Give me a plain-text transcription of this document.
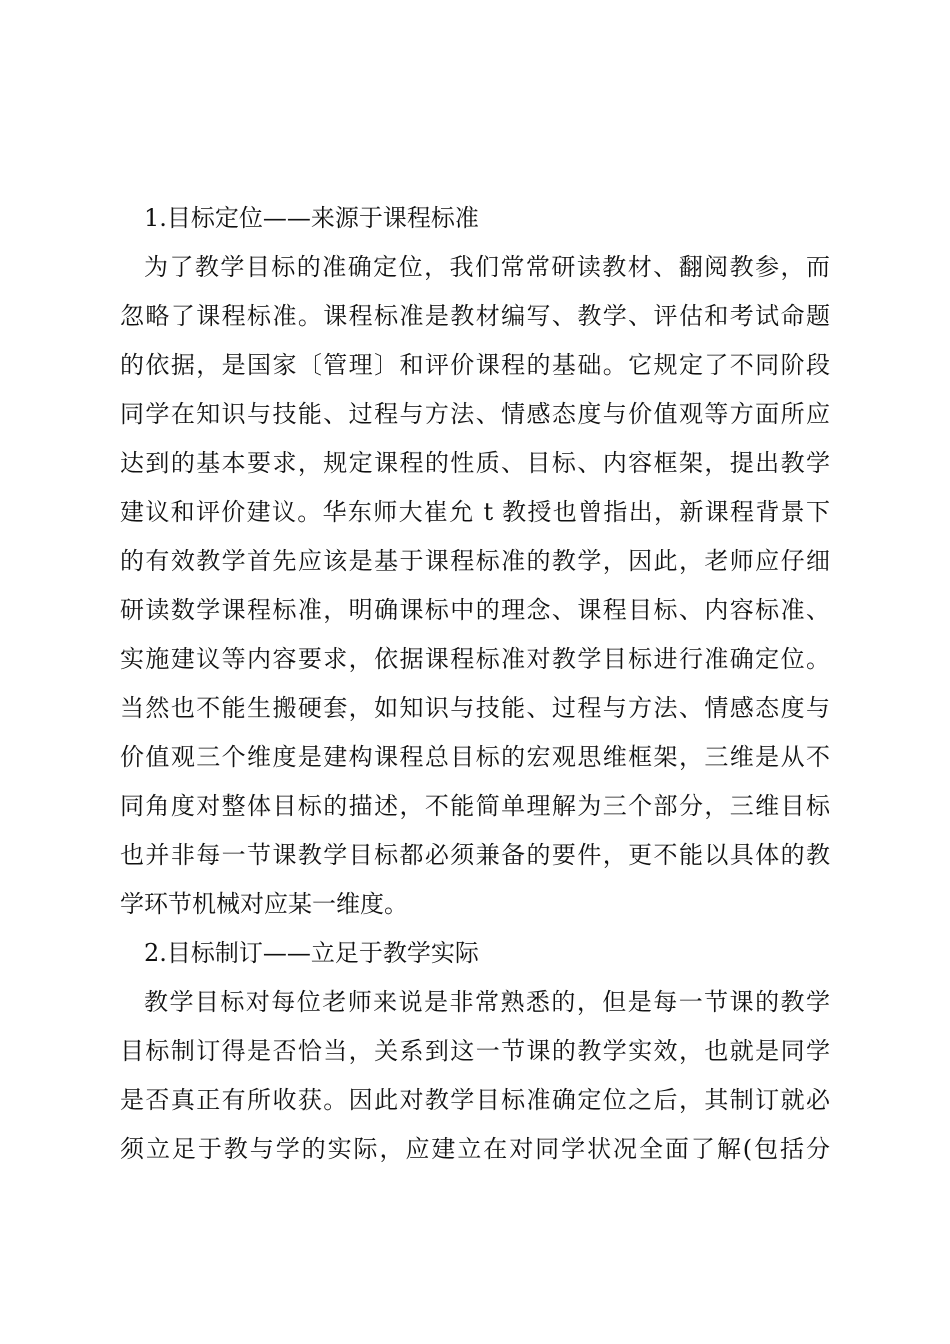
1.目标定位——来源于课程标准
为了教学目标的准确定位，我们常常研读教材、翻阅教参，而
忽略了课程标准。课程标准是教材编写、教学、评估和考试命题
的依据，是国家〔管理〕和评价课程的基础。它规定了不同阶段
同学在知识与技能、过程与方法、情感态度与价值观等方面所应
达到的基本要求，规定课程的性质、目标、内容框架，提出教学
建议和评价建议。华东师大崔允 t 教授也曾指出，新课程背景下
的有效教学首先应该是基于课程标准的教学，因此，老师应仔细
研读数学课程标准，明确课标中的理念、课程目标、内容标准、
实施建议等内容要求，依据课程标准对教学目标进行准确定位。
当然也不能生搬硬套，如知识与技能、过程与方法、情感态度与
价值观三个维度是建构课程总目标的宏观思维框架，三维是从不
同角度对整体目标的描述，不能简单理解为三个部分，三维目标
也并非每一节课教学目标都必须兼备的要件，更不能以具体的教
学环节机械对应某一维度。
2.目标制订——立足于教学实际
教学目标对每位老师来说是非常熟悉的，但是每一节课的教学
目标制订得是否恰当，关系到这一节课的教学实效，也就是同学
是否真正有所收获。因此对教学目标准确定位之后，其制订就必
须立足于教与学的实际，应建立在对同学状况全面了解(包括分
